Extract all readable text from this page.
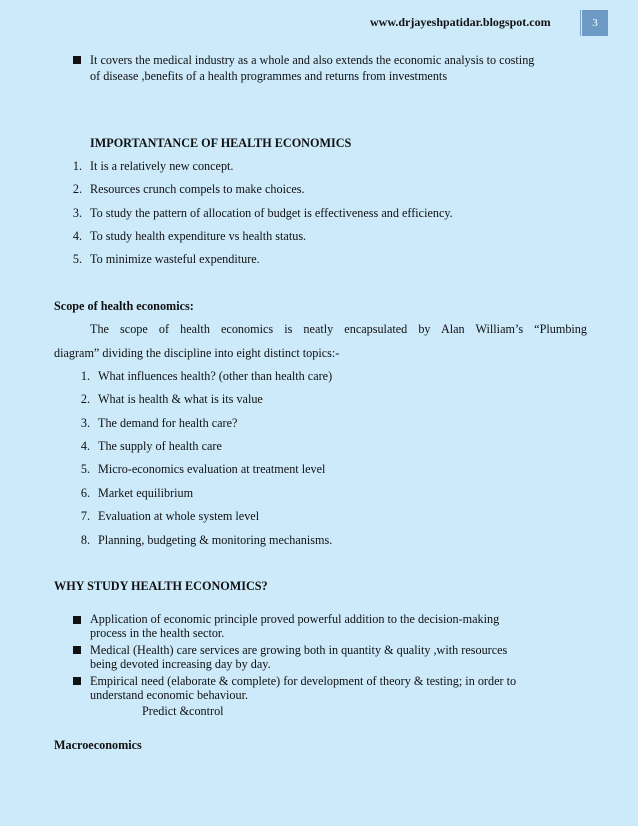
www.drjayeshpatidar.blogspot.com	3
It covers the medical industry as a whole and also extends the economic analysis to costing
of disease ,benefits of a health programmes and returns from investments
IMPORTANTANCE OF HEALTH ECONOMICS
1. It is a relatively new concept.
2. Resources crunch compels to make choices.
3. To study the pattern of allocation of budget is effectiveness and efficiency.
4. To study health expenditure vs health status.
5. To minimize wasteful expenditure.
Scope of health economics:
The scope of health economics is neatly encapsulated by Alan William’s “Plumbing
diagram” dividing the discipline into eight distinct topics:-
1. What influences health? (other than health care)
2. What is health & what is its value
3. The demand for health care?
4. The supply of health care
5. Micro-economics evaluation at treatment level
6. Market equilibrium
7. Evaluation at whole system level
8. Planning, budgeting & monitoring mechanisms.
WHY STUDY HEALTH ECONOMICS?
Application of economic principle proved powerful addition to the decision-making
process in the health sector.
Medical (Health) care services are growing both in quantity & quality ,with resources
being devoted increasing day by day.
Empirical need (elaborate & complete) for development of theory & testing; in order to
understand economic behaviour.
Predict &control
Macroeconomics
